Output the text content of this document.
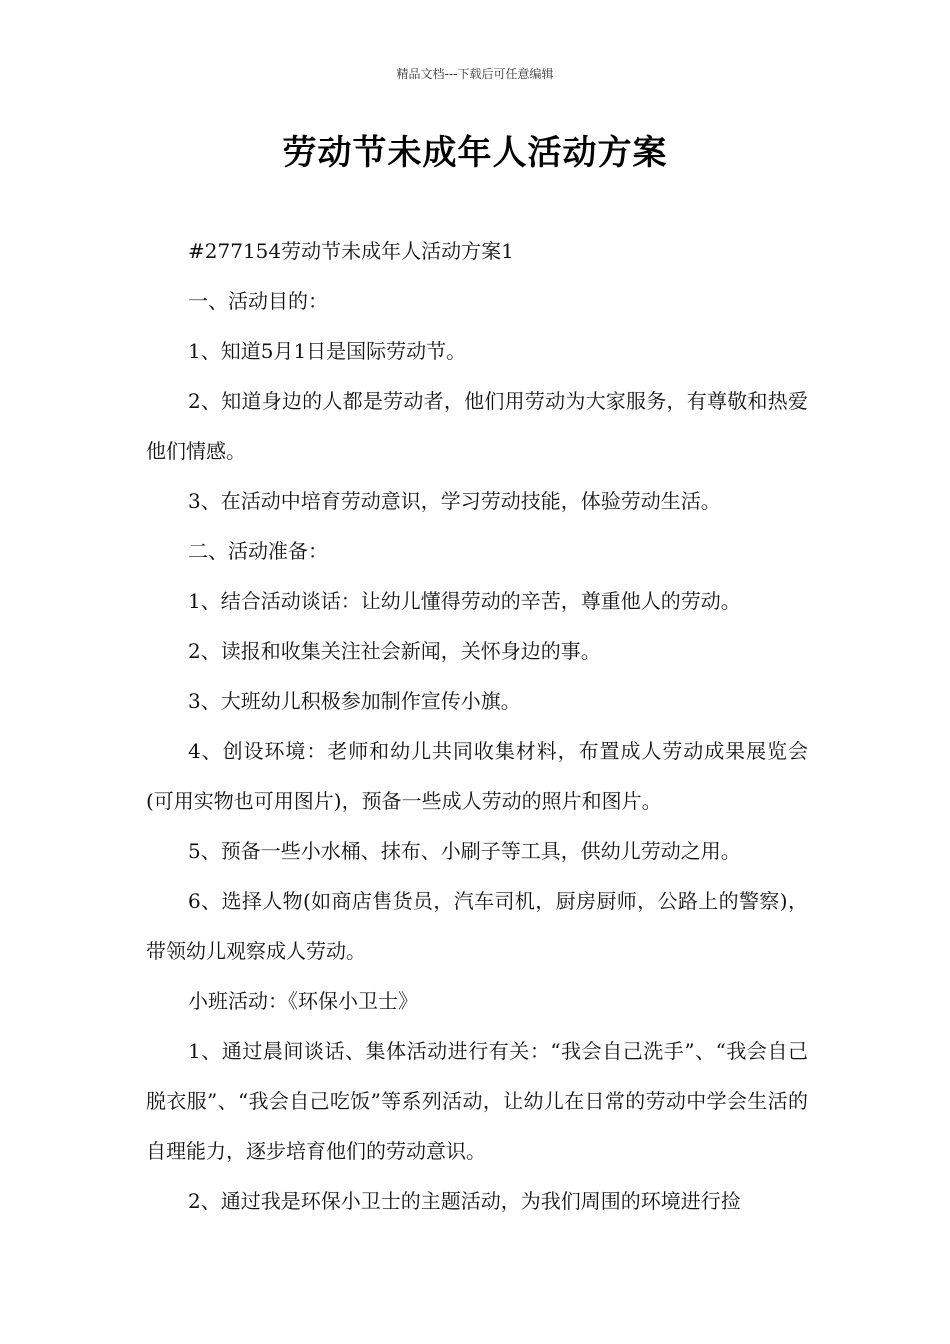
精品文档---下载后可任意编辑
劳动节未成年人活动方案

#277154劳动节未成年人活动方案1

一、活动目的：

1、知道5月1日是国际劳动节。

2、知道身边的人都是劳动者，他们用劳动为大家服务，有尊敬和热爱他们情感。

3、在活动中培育劳动意识，学习劳动技能，体验劳动生活。

二、活动准备：

1、结合活动谈话：让幼儿懂得劳动的辛苦，尊重他人的劳动。

2、读报和收集关注社会新闻，关怀身边的事。

3、大班幼儿积极参加制作宣传小旗。

4、创设环境：老师和幼儿共同收集材料，布置成人劳动成果展览会(可用实物也可用图片)，预备一些成人劳动的照片和图片。

5、预备一些小水桶、抹布、小刷子等工具，供幼儿劳动之用。

6、选择人物(如商店售货员，汽车司机，厨房厨师，公路上的警察)，带领幼儿观察成人劳动。

小班活动：《环保小卫士》

1、通过晨间谈话、集体活动进行有关：“我会自己洗手”、“我会自己脱衣服”、“我会自己吃饭”等系列活动，让幼儿在日常的劳动中学会生活的自理能力，逐步培育他们的劳动意识。

2、通过我是环保小卫士的主题活动，为我们周围的环境进行捡
